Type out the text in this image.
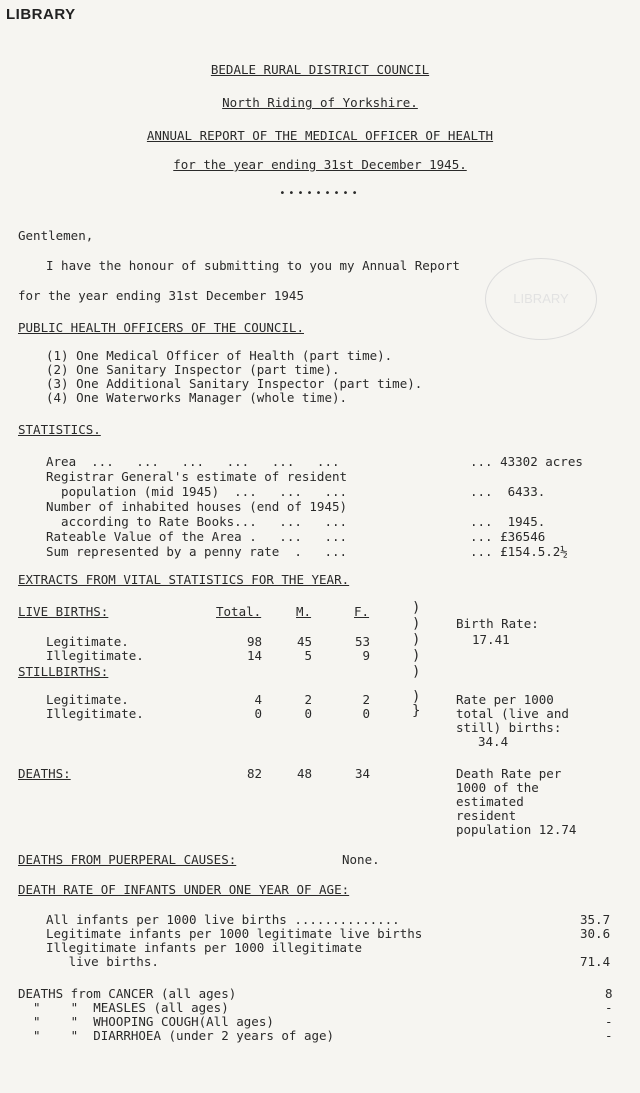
LIBRARY
BEDALE RURAL DISTRICT COUNCIL
North Riding of Yorkshire.
ANNUAL REPORT OF THE MEDICAL OFFICER OF HEALTH
for the year ending 31st December 1945.
•••••••••
Gentlemen,
I have the honour of submitting to you my Annual Report
for the year ending 31st December 1945	LIBRARY
PUBLIC HEALTH OFFICERS OF THE COUNCIL.
(1) One Medical Officer of Health (part time).
(2) One Sanitary Inspector (part time).
(3) One Additional Sanitary Inspector (part time).
(4) One Waterworks Manager (whole time).
STATISTICS.
Area  ...   ...   ...   ...   ...   ...	... 43302 acres
Registrar General's estimate of resident
population (mid 1945)  ...   ...   ...	...  6433.
Number of inhabited houses (end of 1945)
according to Rate Books...   ...   ...	...  1945.
Rateable Value of the Area .   ...   ...	... £36546
Sum represented by a penny rate  .   ...	... £154.5.2½
EXTRACTS FROM VITAL STATISTICS FOR THE YEAR.
LIVE BIRTHS:	Total.	M.	F.	)
)
)
)
)
Birth Rate:
17.41
Legitimate.	98	45	53
Illegitimate.	14	5	9
STILLBIRTHS:
Legitimate.	4	2	2
Illegitimate.	0	0	0
)
}
Rate per 1000
total (live and
still) births:
34.4
DEATHS:	82	48	34	Death Rate per
1000 of the
estimated
resident
population 12.74
DEATHS FROM PUERPERAL CAUSES:	None.
DEATH RATE OF INFANTS UNDER ONE YEAR OF AGE:
All infants per 1000 live births ..............	35.7
Legitimate infants per 1000 legitimate live births	30.6
Illegitimate infants per 1000 illegitimate
live births.	71.4
DEATHS from CANCER (all ages)	8
"    "  MEASLES (all ages)	-
"    "  WHOOPING COUGH(All ages)	-
"    "  DIARRHOEA (under 2 years of age)	-
